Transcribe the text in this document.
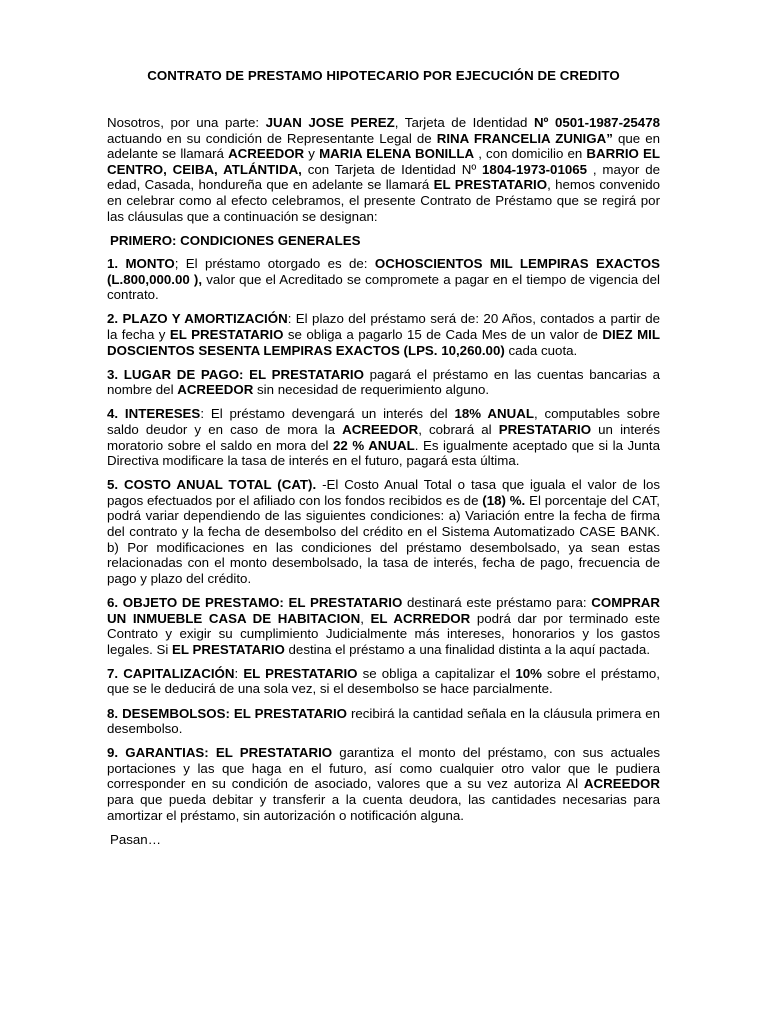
CONTRATO DE PRESTAMO HIPOTECARIO POR EJECUCIÓN DE CREDITO

Nosotros, por una parte: JUAN JOSE PEREZ, Tarjeta de Identidad Nº 0501-1987-25478 actuando en su condición de Representante Legal de RINA FRANCELIA ZUNIGA” que en adelante se llamará ACREEDOR y MARIA ELENA BONILLA , con domicilio en BARRIO EL CENTRO, CEIBA, ATLÁNTIDA, con Tarjeta de Identidad Nº 1804-1973-01065 , mayor de edad, Casada, hondureña que en adelante se llamará EL PRESTATARIO, hemos convenido en celebrar como al efecto celebramos, el presente Contrato de Préstamo que se regirá por las cláusulas que a continuación se designan:

PRIMERO: CONDICIONES GENERALES

1. MONTO; El préstamo otorgado es de: OCHOSCIENTOS MIL LEMPIRAS EXACTOS (L.800,000.00 ), valor que el Acreditado se compromete a pagar en el tiempo de vigencia del contrato.

2. PLAZO Y AMORTIZACIÓN: El plazo del préstamo será de: 20 Años, contados a partir de la fecha y EL PRESTATARIO se obliga a pagarlo 15 de Cada Mes de un valor de DIEZ MIL DOSCIENTOS SESENTA LEMPIRAS EXACTOS (LPS. 10,260.00) cada cuota.

3. LUGAR DE PAGO: EL PRESTATARIO pagará el préstamo en las cuentas bancarias a nombre del ACREEDOR sin necesidad de requerimiento alguno.

4. INTERESES: El préstamo devengará un interés del 18% ANUAL, computables sobre saldo deudor y en caso de mora la ACREEDOR, cobrará al PRESTATARIO un interés moratorio sobre el saldo en mora del 22 % ANUAL. Es igualmente aceptado que si la Junta Directiva modificare la tasa de interés en el futuro, pagará esta última.

5. COSTO ANUAL TOTAL (CAT). -El Costo Anual Total o tasa que iguala el valor de los pagos efectuados por el afiliado con los fondos recibidos es de (18) %. El porcentaje del CAT, podrá variar dependiendo de las siguientes condiciones: a) Variación entre la fecha de firma del contrato y la fecha de desembolso del crédito en el Sistema Automatizado CASE BANK. b) Por modificaciones en las condiciones del préstamo desembolsado, ya sean estas relacionadas con el monto desembolsado, la tasa de interés, fecha de pago, frecuencia de pago y plazo del crédito.

6. OBJETO DE PRESTAMO: EL PRESTATARIO destinará este préstamo para: COMPRAR UN INMUEBLE CASA DE HABITACION, EL ACRREDOR podrá dar por terminado este Contrato y exigir su cumplimiento Judicialmente más intereses, honorarios y los gastos legales. Si EL PRESTATARIO destina el préstamo a una finalidad distinta a la aquí pactada.

7. CAPITALIZACIÓN: EL PRESTATARIO se obliga a capitalizar el 10% sobre el préstamo, que se le deducirá de una sola vez, si el desembolso se hace parcialmente.

8. DESEMBOLSOS: EL PRESTATARIO recibirá la cantidad señala en la cláusula primera en desembolso.

9. GARANTIAS: EL PRESTATARIO garantiza el monto del préstamo, con sus actuales portaciones y las que haga en el futuro, así como cualquier otro valor que le pudiera corresponder en su condición de asociado, valores que a su vez autoriza Al ACREEDOR para que pueda debitar y transferir a la cuenta deudora, las cantidades necesarias para amortizar el préstamo, sin autorización o notificación alguna.

Pasan…
